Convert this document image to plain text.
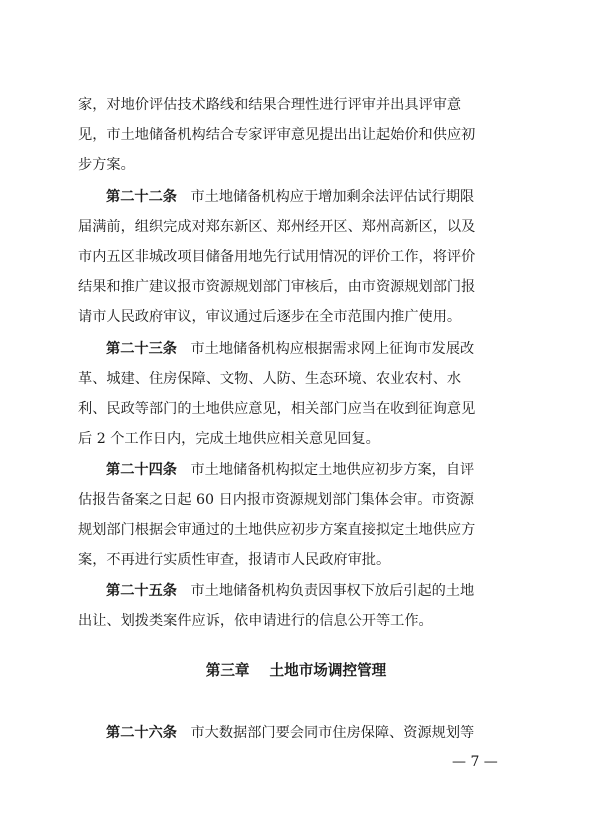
家，对地价评估技术路线和结果合理性进行评审并出具评审意
见，市土地储备机构结合专家评审意见提出出让起始价和供应初
步方案。
第二十二条 市土地储备机构应于增加剩余法评估试行期限
届满前，组织完成对郑东新区、郑州经开区、郑州高新区，以及
市内五区非城改项目储备用地先行试用情况的评价工作，将评价
结果和推广建议报市资源规划部门审核后，由市资源规划部门报
请市人民政府审议，审议通过后逐步在全市范围内推广使用。
第二十三条 市土地储备机构应根据需求网上征询市发展改
革、城建、住房保障、文物、人防、生态环境、农业农村、水
利、民政等部门的土地供应意见，相关部门应当在收到征询意见
后 2 个工作日内，完成土地供应相关意见回复。
第二十四条 市土地储备机构拟定土地供应初步方案，自评
估报告备案之日起 60 日内报市资源规划部门集体会审。市资源
规划部门根据会审通过的土地供应初步方案直接拟定土地供应方
案，不再进行实质性审查，报请市人民政府审批。
第二十五条 市土地储备机构负责因事权下放后引起的土地
出让、划拨类案件应诉，依申请进行的信息公开等工作。
第三章 土地市场调控管理
第二十六条 市大数据部门要会同市住房保障、资源规划等
— 7 —
